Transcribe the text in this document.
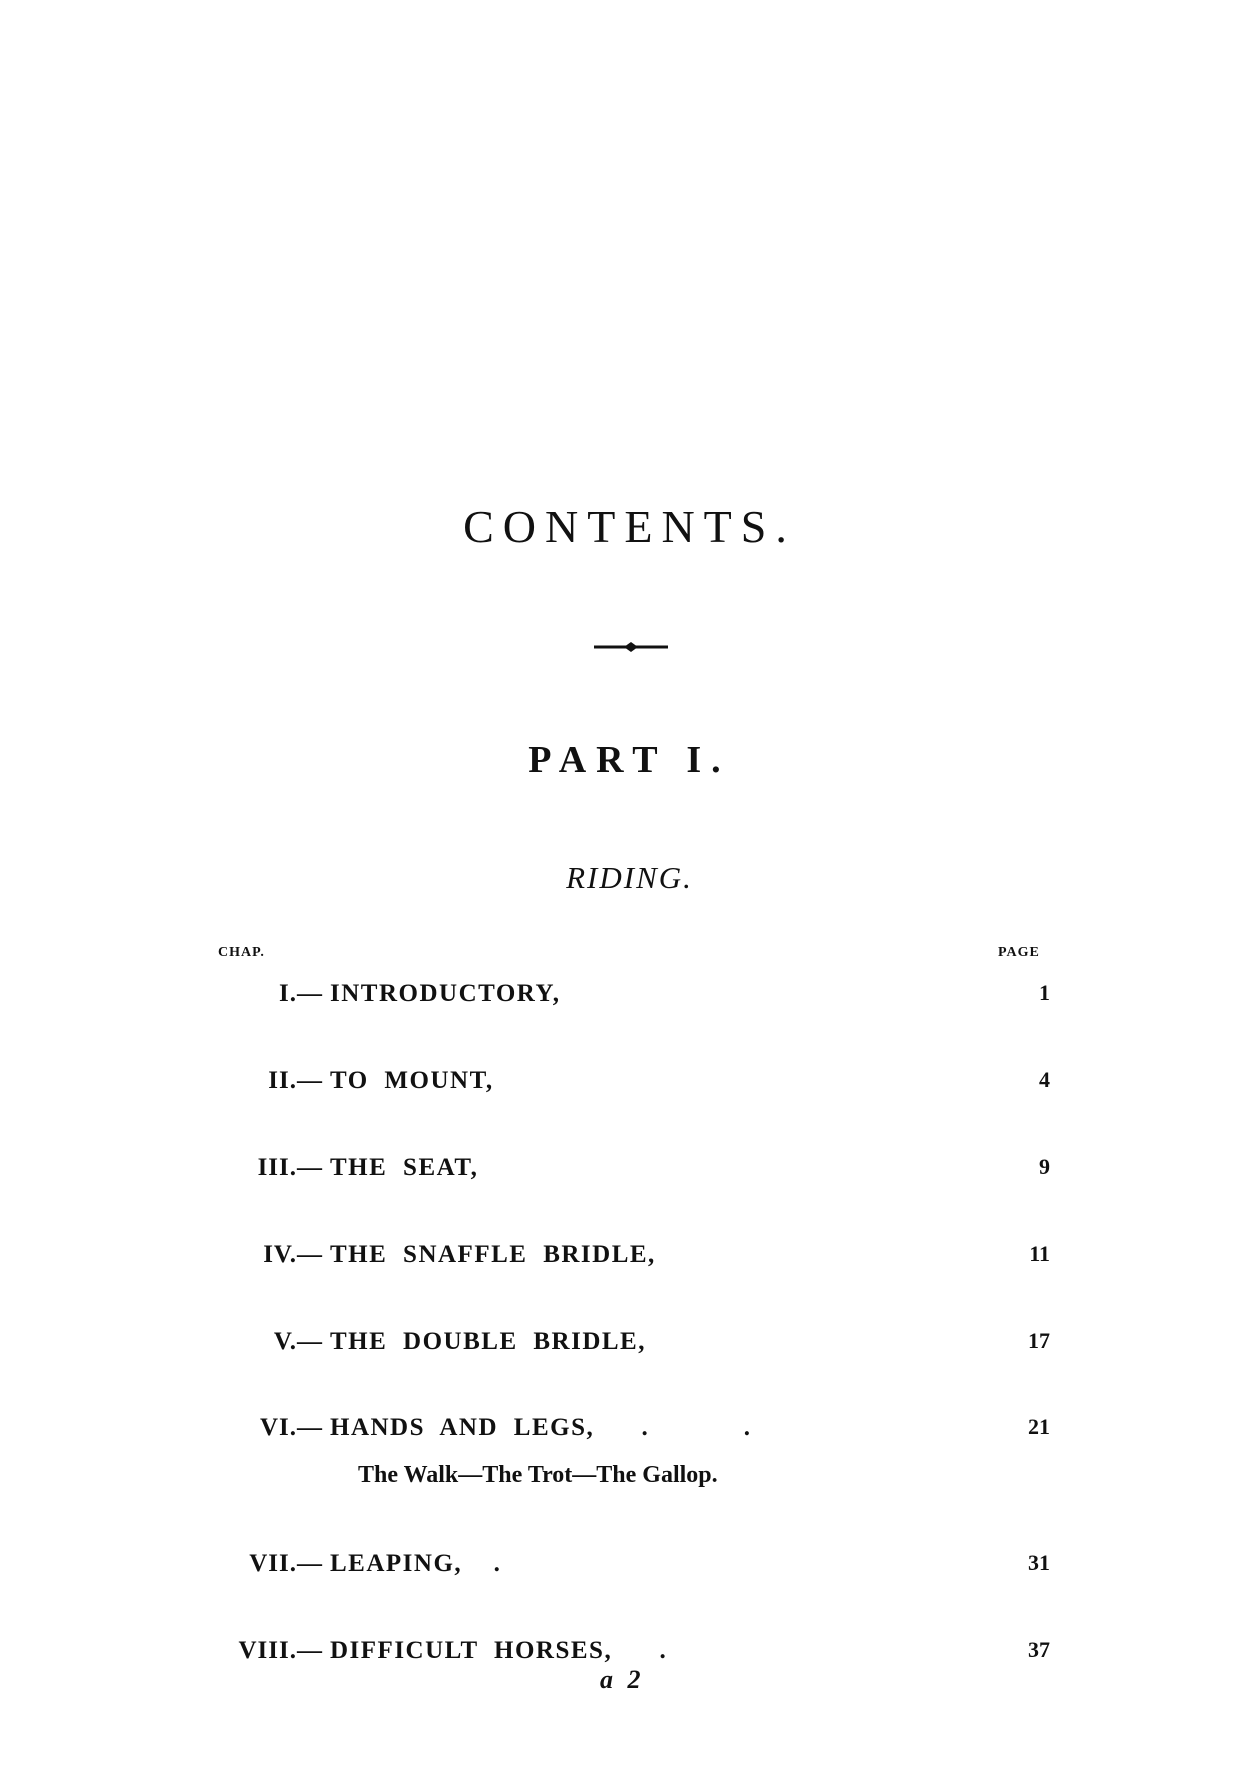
CONTENTS.
PART I.
RIDING.
CHAP.	PAGE
I. — INTRODUCTORY,	1
II. — TO MOUNT,	4
III. — THE SEAT,	9
IV. — THE SNAFFLE BRIDLE,	11
V. — THE DOUBLE BRIDLE,	17
VI. — HANDS AND LEGS,   .      .	21
The Walk—The Trot—The Gallop.
VII. — LEAPING,  .	31
VIII. — DIFFICULT HORSES,   .	37
a 2
